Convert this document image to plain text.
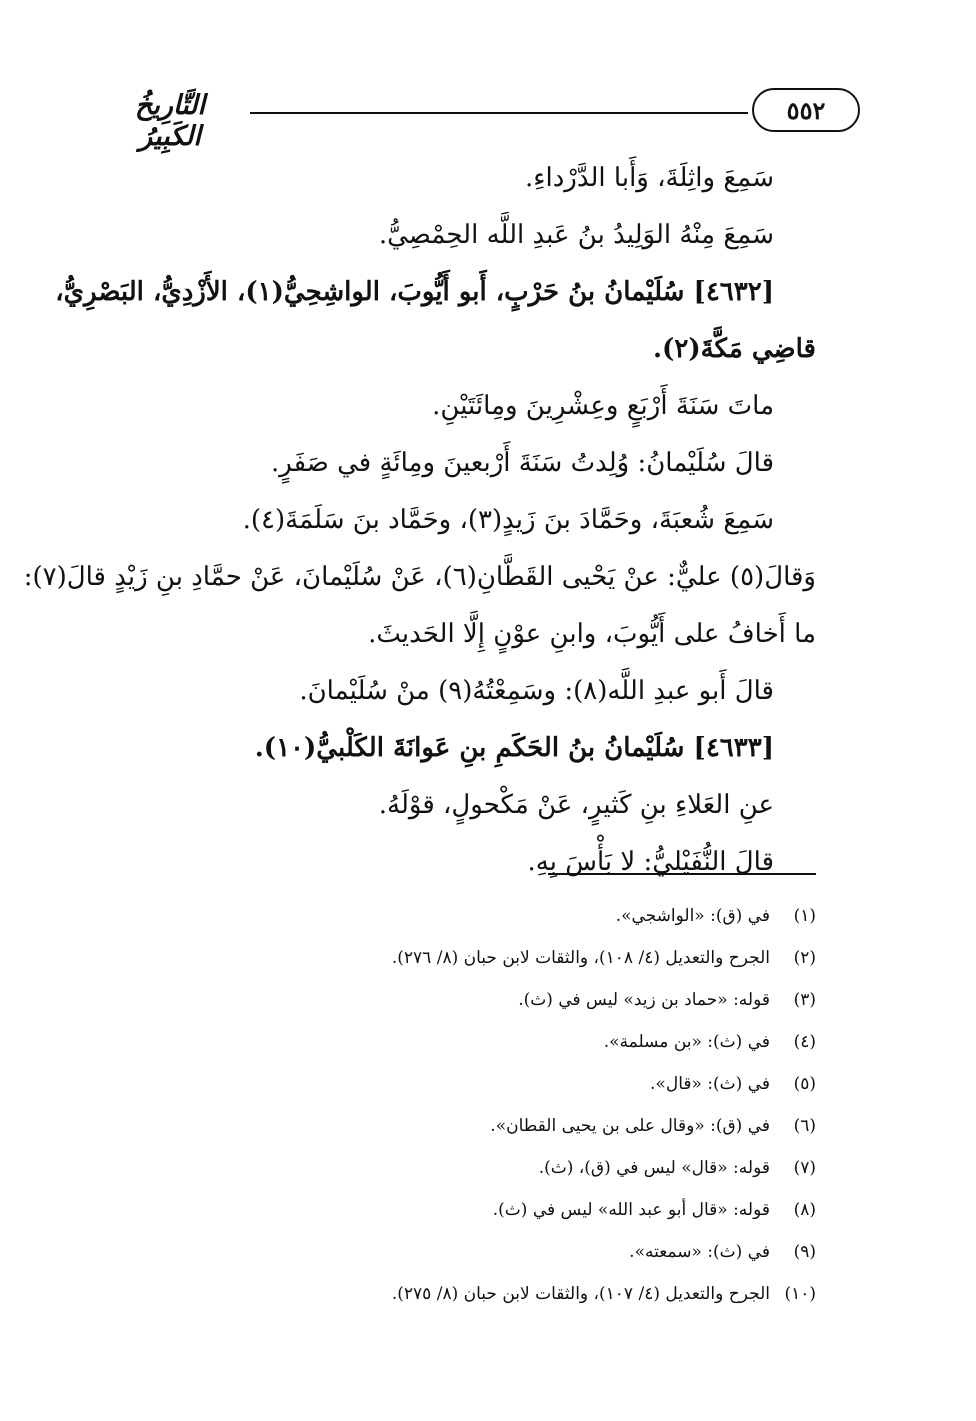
٥٥٢
التَّارِيخُ الكَبِيرُ
سَمِعَ واثِلَةَ، وَأَبا الدَّرْداءِ.
سَمِعَ مِنْهُ الوَلِيدُ بنُ عَبدِ اللَّه الحِمْصِيُّ.
[٤٦٣٢] سُلَيْمانُ بنُ حَرْبٍ، أَبو أَيُّوبَ، الواشِحِيُّ(١)، الأَزْدِيُّ، البَصْرِيُّ،
قاضِي مَكَّةَ(٢).
ماتَ سَنَةَ أَرْبَعٍ وعِشْرِينَ ومِائَتَيْنِ.
قالَ سُلَيْمانُ: وُلِدتُ سَنَةَ أَرْبعينَ ومِائَةٍ في صَفَرٍ.
سَمِعَ شُعبَةَ، وحَمَّادَ بنَ زَيدٍ(٣)، وحَمَّاد بنَ سَلَمَةَ(٤).
وَقالَ(٥) عليٌّ: عنْ يَحْيى القَطَّانِ(٦)، عَنْ سُلَيْمانَ، عَنْ حمَّادِ بنِ زَيْدٍ قالَ(٧):
ما أَخافُ على أَيُّوبَ، وابنِ عوْنٍ إِلَّا الحَديثَ.
قالَ أَبو عبدِ اللَّه(٨): وسَمِعْتُهُ(٩) منْ سُلَيْمانَ.
[٤٦٣٣] سُلَيْمانُ بنُ الحَكَمِ بنِ عَوانَةَ الكَلْبيُّ(١٠).
عنِ العَلاءِ بنِ كَثيرٍ، عَنْ مَكْحولٍ، قوْلَهُ.
قالَ النُّفَيْليُّ: لا بَأْسَ بِهِ.
(١)
في (ق): «الواشجي».
(٢)
الجرح والتعديل (٤/ ١٠٨)، والثقات لابن حبان (٨/ ٢٧٦).
(٣)
قوله: «حماد بن زيد» ليس في (ث).
(٤)
في (ث): «بن مسلمة».
(٥)
في (ث): «قال».
(٦)
في (ق): «وقال على بن يحيى القطان».
(٧)
قوله: «قال» ليس في (ق)، (ث).
(٨)
قوله: «قال أبو عبد الله» ليس في (ث).
(٩)
في (ث): «سمعته».
(١٠)
الجرح والتعديل (٤/ ١٠٧)، والثقات لابن حبان (٨/ ٢٧٥).
